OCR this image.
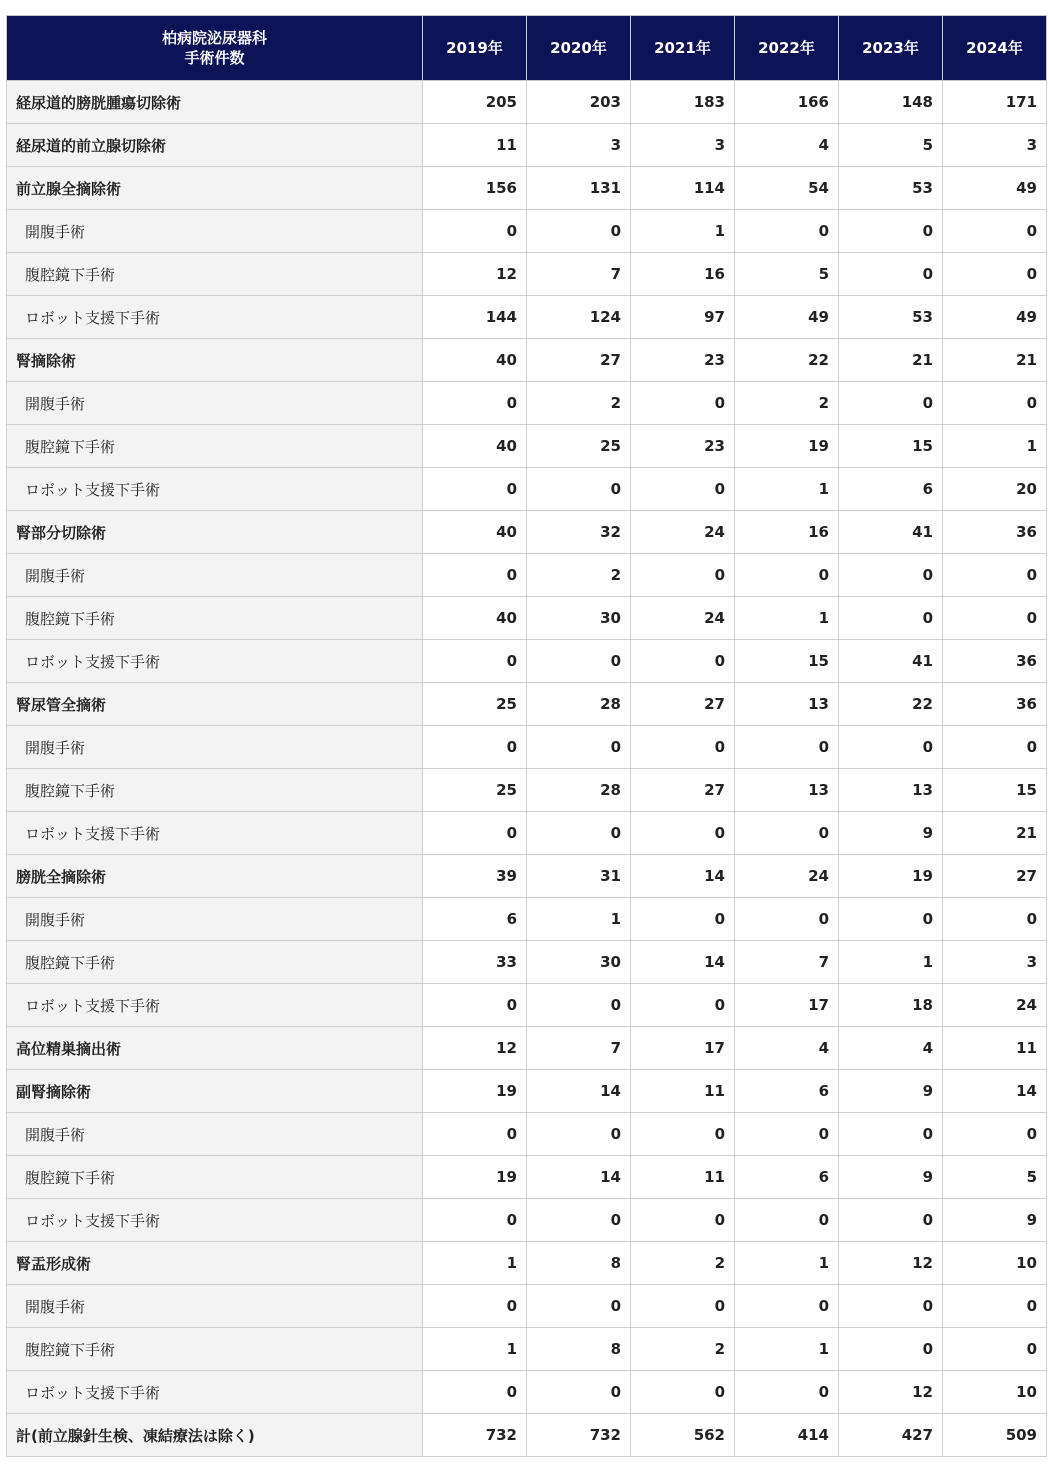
柏病院泌尿器科
手術件数	2019年	2020年	2021年	2022年	2023年	2024年
経尿道的膀胱腫瘍切除術	205	203	183	166	148	171
経尿道的前立腺切除術	11	3	3	4	5	3
前立腺全摘除術	156	131	114	54	53	49
開腹手術	0	0	1	0	0	0
腹腔鏡下手術	12	7	16	5	0	0
ロボット支援下手術	144	124	97	49	53	49
腎摘除術	40	27	23	22	21	21
開腹手術	0	2	0	2	0	0
腹腔鏡下手術	40	25	23	19	15	1
ロボット支援下手術	0	0	0	1	6	20
腎部分切除術	40	32	24	16	41	36
開腹手術	0	2	0	0	0	0
腹腔鏡下手術	40	30	24	1	0	0
ロボット支援下手術	0	0	0	15	41	36
腎尿管全摘術	25	28	27	13	22	36
開腹手術	0	0	0	0	0	0
腹腔鏡下手術	25	28	27	13	13	15
ロボット支援下手術	0	0	0	0	9	21
膀胱全摘除術	39	31	14	24	19	27
開腹手術	6	1	0	0	0	0
腹腔鏡下手術	33	30	14	7	1	3
ロボット支援下手術	0	0	0	17	18	24
高位精巣摘出術	12	7	17	4	4	11
副腎摘除術	19	14	11	6	9	14
開腹手術	0	0	0	0	0	0
腹腔鏡下手術	19	14	11	6	9	5
ロボット支援下手術	0	0	0	0	0	9
腎盂形成術	1	8	2	1	12	10
開腹手術	0	0	0	0	0	0
腹腔鏡下手術	1	8	2	1	0	0
ロボット支援下手術	0	0	0	0	12	10
計(前立腺針生検、凍結療法は除く)	732	732	562	414	427	509
